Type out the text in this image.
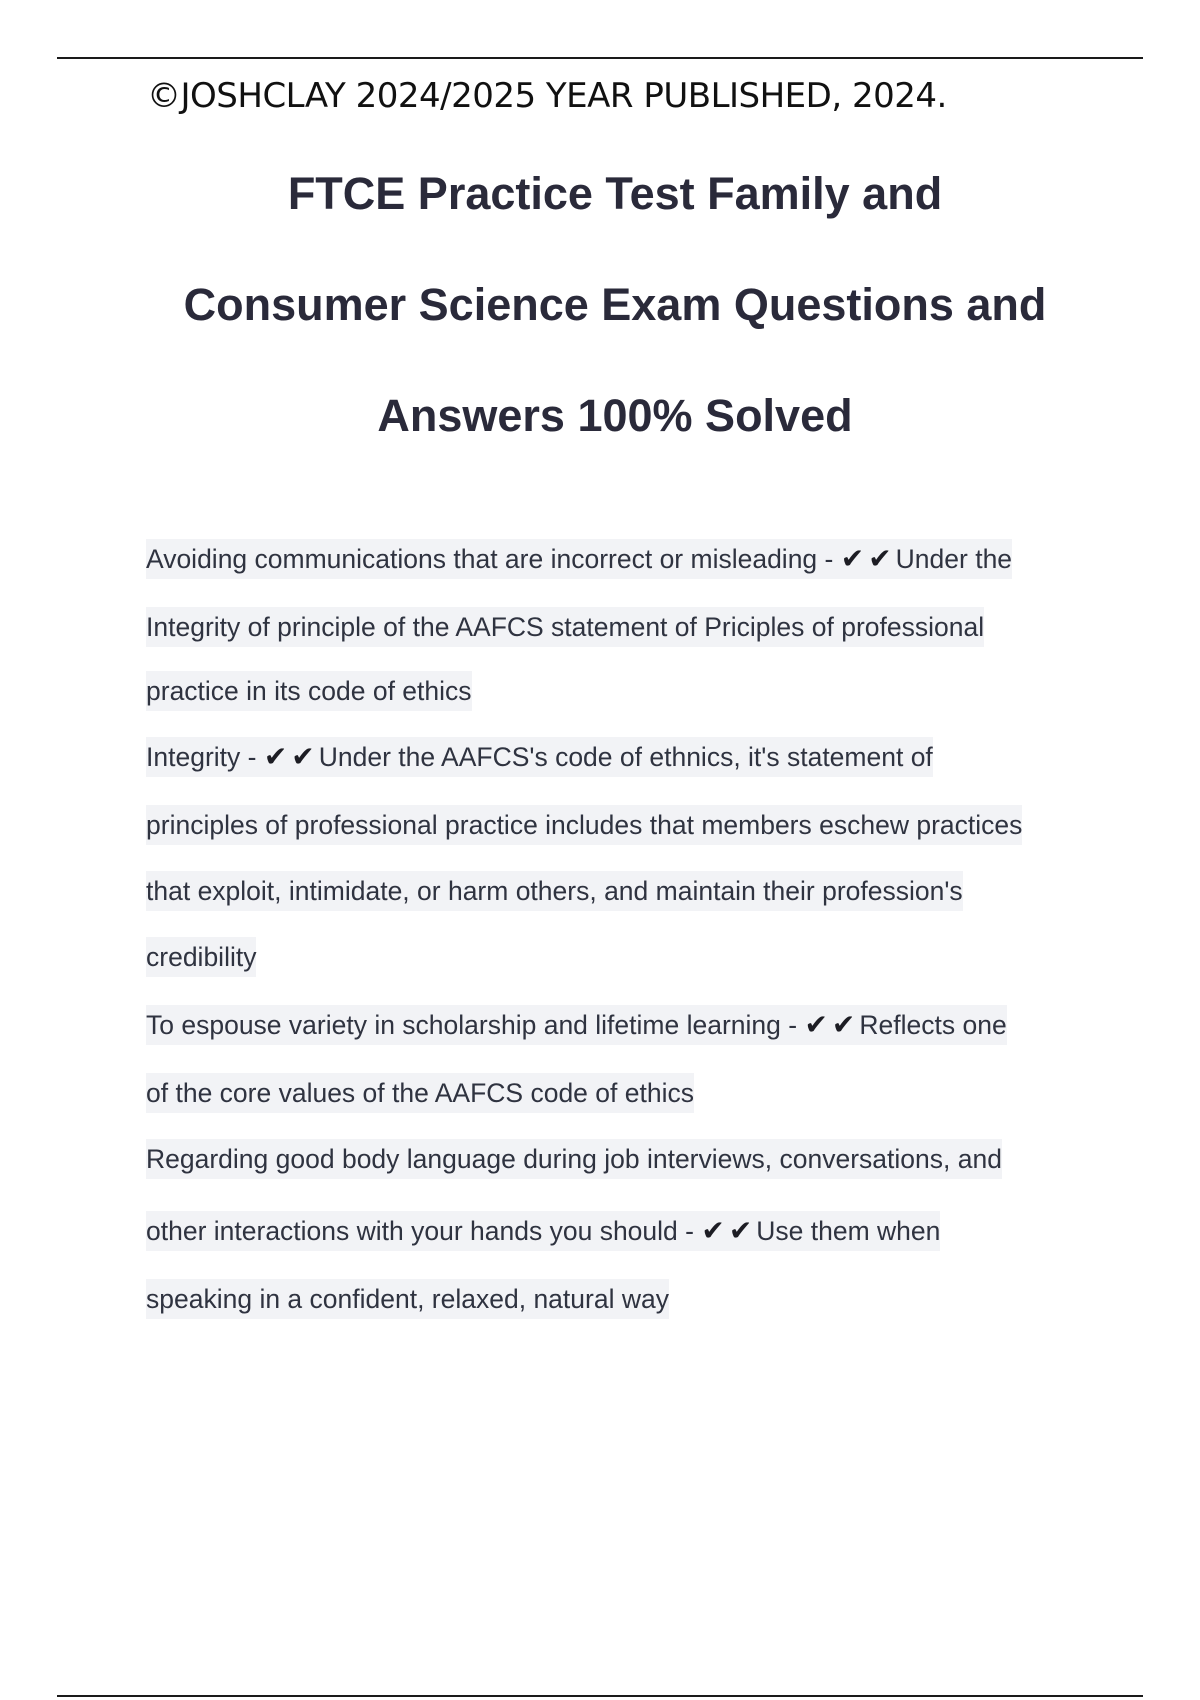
©JOSHCLAY 2024/2025 YEAR PUBLISHED, 2024.
FTCE Practice Test Family and
Consumer Science Exam Questions and
Answers 100% Solved
Avoiding communications that are incorrect or misleading - ✔ ✔ Under the
Integrity of principle of the AAFCS statement of Priciples of professional
practice in its code of ethics
Integrity - ✔ ✔ Under the AAFCS's code of ethnics, it's statement of
principles of professional practice includes that members eschew practices
that exploit, intimidate, or harm others, and maintain their profession's
credibility
To espouse variety in scholarship and lifetime learning - ✔ ✔ Reflects one
of the core values of the AAFCS code of ethics
Regarding good body language during job interviews, conversations, and
other interactions with your hands you should - ✔ ✔ Use them when
speaking in a confident, relaxed, natural way
